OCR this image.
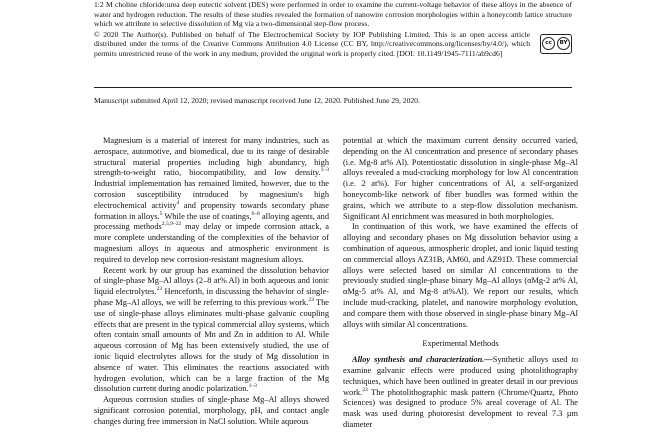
1:2 M choline chloride:urea deep eutectic solvent (DES) were performed in order to examine the current-voltage behavior of these alloys in the absence of water and hydrogen reduction. The results of these studies revealed the formation of nanowire corrosion morphologies within a honeycomb lattice structure which we attribute to selective dissolution of Mg via a two-dimensional step-flow process.

© 2020 The Author(s). Published on behalf of The Electrochemical Society by IOP Publishing Limited. This is an open access article distributed under the terms of the Creative Commons Attribution 4.0 License (CC BY, http://creativecommons.org/licenses/by/4.0/), which permits unrestricted reuse of the work in any medium, provided the original work is properly cited. [DOI: 10.1149/1945-7111/ab9cd6]

cc	BY
Manuscript submitted April 12, 2020; revised manuscript received June 12, 2020. Published June 29, 2020.

Magnesium is a material of interest for many industries, such as aerospace, automotive, and biomedical, due to its range of desirable structural material properties including high abundancy, high strength-to-weight ratio, biocompatibility, and low density.$^{1-3}$ Industrial implementation has remained limited, however, due to the corrosion susceptibility introduced by magnesium's high electrochemical activity$^4$ and propensity towards secondary phase formation in alloys.$^5$ While the use of coatings,$^{6-8}$ alloying agents, and processing methods$^{2,5,9-22}$ may delay or impede corrosion attack, a more complete understanding of the complexities of the behavior of magnesium alloys in aqueous and atmospheric environment is required to develop new corrosion-resistant magnesium alloys.

Recent work by our group has examined the dissolution behavior of single-phase Mg–Al alloys (2–8 at% Al) in both aqueous and ionic liquid electrolytes.$^{23}$ Henceforth, in discussing the behavior of single-phase Mg–Al alloys, we will be referring to this previous work.$^{23}$ The use of single-phase alloys eliminates multi-phase galvanic coupling effects that are present in the typical commercial alloy systems, which often contain small amounts of Mn and Zn in addition to Al. While aqueous corrosion of Mg has been extensively studied, the use of ionic liquid electrolytes allows for the study of Mg dissolution in absence of water. This eliminates the reactions associated with hydrogen evolution, which can be a large fraction of the Mg dissolution current during anodic polarization.$^{1-3}$

Aqueous corrosion studies of single-phase Mg–Al alloys showed significant corrosion potential, morphology, pH, and contact angle changes during free immersion in NaCl solution. While aqueous

potential at which the maximum current density occurred varied, depending on the Al concentration and presence of secondary phases (i.e. Mg-8 at% Al). Potentiostatic dissolution in single-phase Mg–Al alloys revealed a mud-cracking morphology for low Al concentration (i.e. 2 at%). For higher concentrations of Al, a self-organized honeycomb-like network of fiber bundles was formed within the grains, which we attribute to a step-flow dissolution mechanism. Significant Al enrichment was measured in both morphologies.

In continuation of this work, we have examined the effects of alloying and secondary phases on Mg dissolution behavior using a combination of aqueous, atmospheric droplet, and ionic liquid testing on commercial alloys AZ31B, AM60, and AZ91D. These commercial alloys were selected based on similar Al concentrations to the previously studied single-phase binary Mg–Al alloys (αMg-2 at% Al, αMg-5 at% Al, and Mg-8 at%Al). We report our results, which include mud-cracking, platelet, and nanowire morphology evolution, and compare them with those observed in single-phase binary Mg–Al alloys with similar Al concentrations.

Experimental Methods

Alloy synthesis and characterization.—Synthetic alloys used to examine galvanic effects were produced using photolithography techniques, which have been outlined in greater detail in our previous work.$^{23}$ The photolithographic mask pattern (Chrome/Quartz, Photo Sciences) was designed to produce 5% areal coverage of Al. The mask was used during photoresist development to reveal 7.3 µm diameter
